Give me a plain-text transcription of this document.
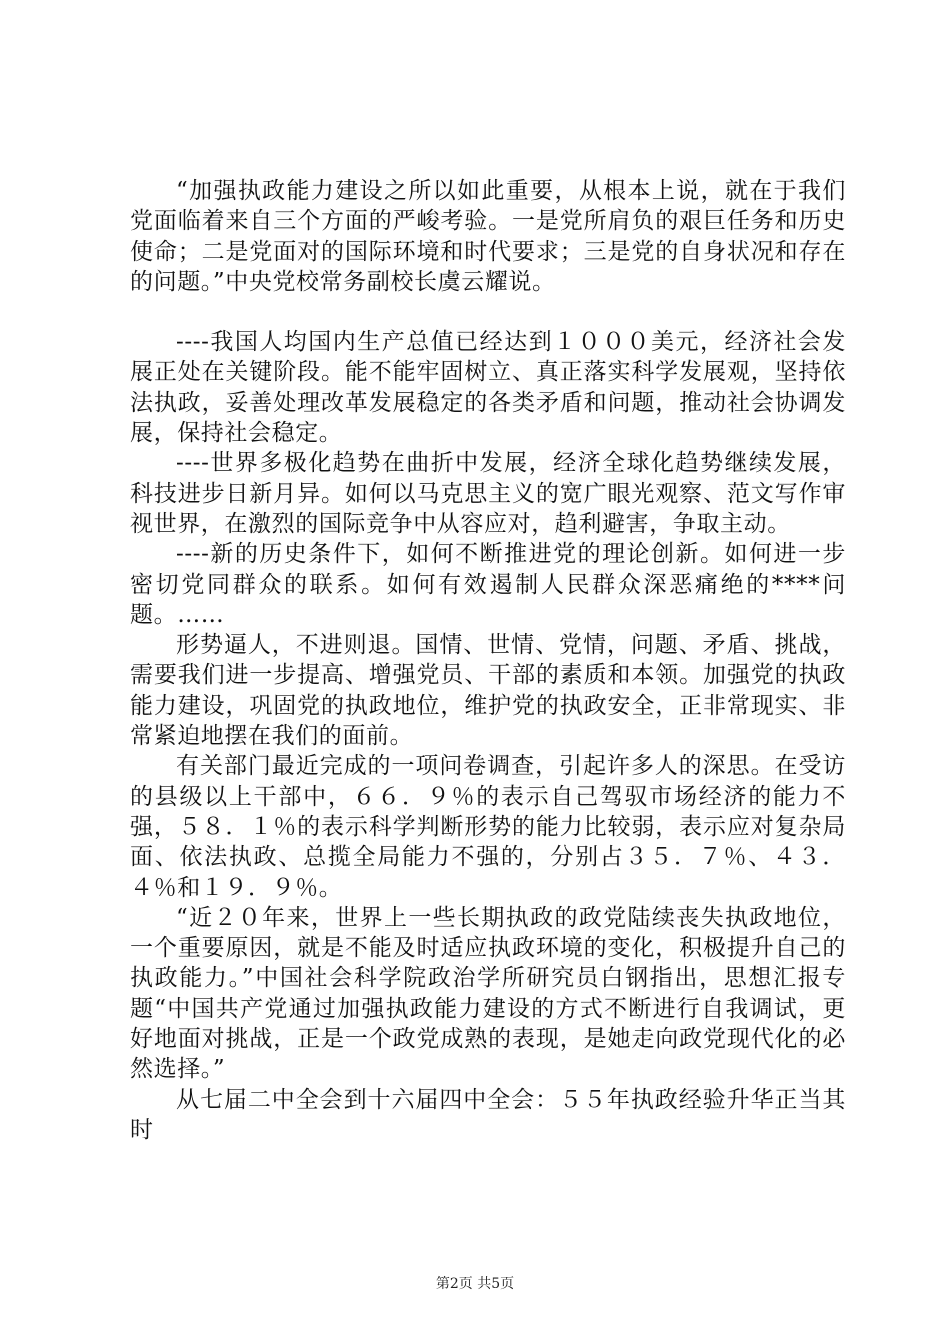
“加强执政能力建设之所以如此重要，从根本上说，就在于我们党面临着来自三个方面的严峻考验。一是党所肩负的艰巨任务和历史使命；二是党面对的国际环境和时代要求；三是党的自身状况和存在的问题。”中央党校常务副校长虞云耀说。

----我国人均国内生产总值已经达到１０００美元，经济社会发展正处在关键阶段。能不能牢固树立、真正落实科学发展观，坚持依法执政，妥善处理改革发展稳定的各类矛盾和问题，推动社会协调发展，保持社会稳定。

----世界多极化趋势在曲折中发展，经济全球化趋势继续发展，科技进步日新月异。如何以马克思主义的宽广眼光观察、范文写作审视世界，在激烈的国际竞争中从容应对，趋利避害，争取主动。

----新的历史条件下，如何不断推进党的理论创新。如何进一步密切党同群众的联系。如何有效遏制人民群众深恶痛绝的****问题。……

形势逼人，不进则退。国情、世情、党情，问题、矛盾、挑战，需要我们进一步提高、增强党员、干部的素质和本领。加强党的执政能力建设，巩固党的执政地位，维护党的执政安全，正非常现实、非常紧迫地摆在我们的面前。

有关部门最近完成的一项问卷调查，引起许多人的深思。在受访的县级以上干部中，６６．９％的表示自己驾驭市场经济的能力不强，５８．１％的表示科学判断形势的能力比较弱，表示应对复杂局面、依法执政、总揽全局能力不强的，分别占３５．７％、４３．４％和１９．９％。

“近２０年来，世界上一些长期执政的政党陆续丧失执政地位，一个重要原因，就是不能及时适应执政环境的变化，积极提升自己的执政能力。”中国社会科学院政治学所研究员白钢指出，思想汇报专题“中国共产党通过加强执政能力建设的方式不断进行自我调试，更好地面对挑战，正是一个政党成熟的表现，是她走向政党现代化的必然选择。”

从七届二中全会到十六届四中全会：５５年执政经验升华正当其时

第2页 共5页
